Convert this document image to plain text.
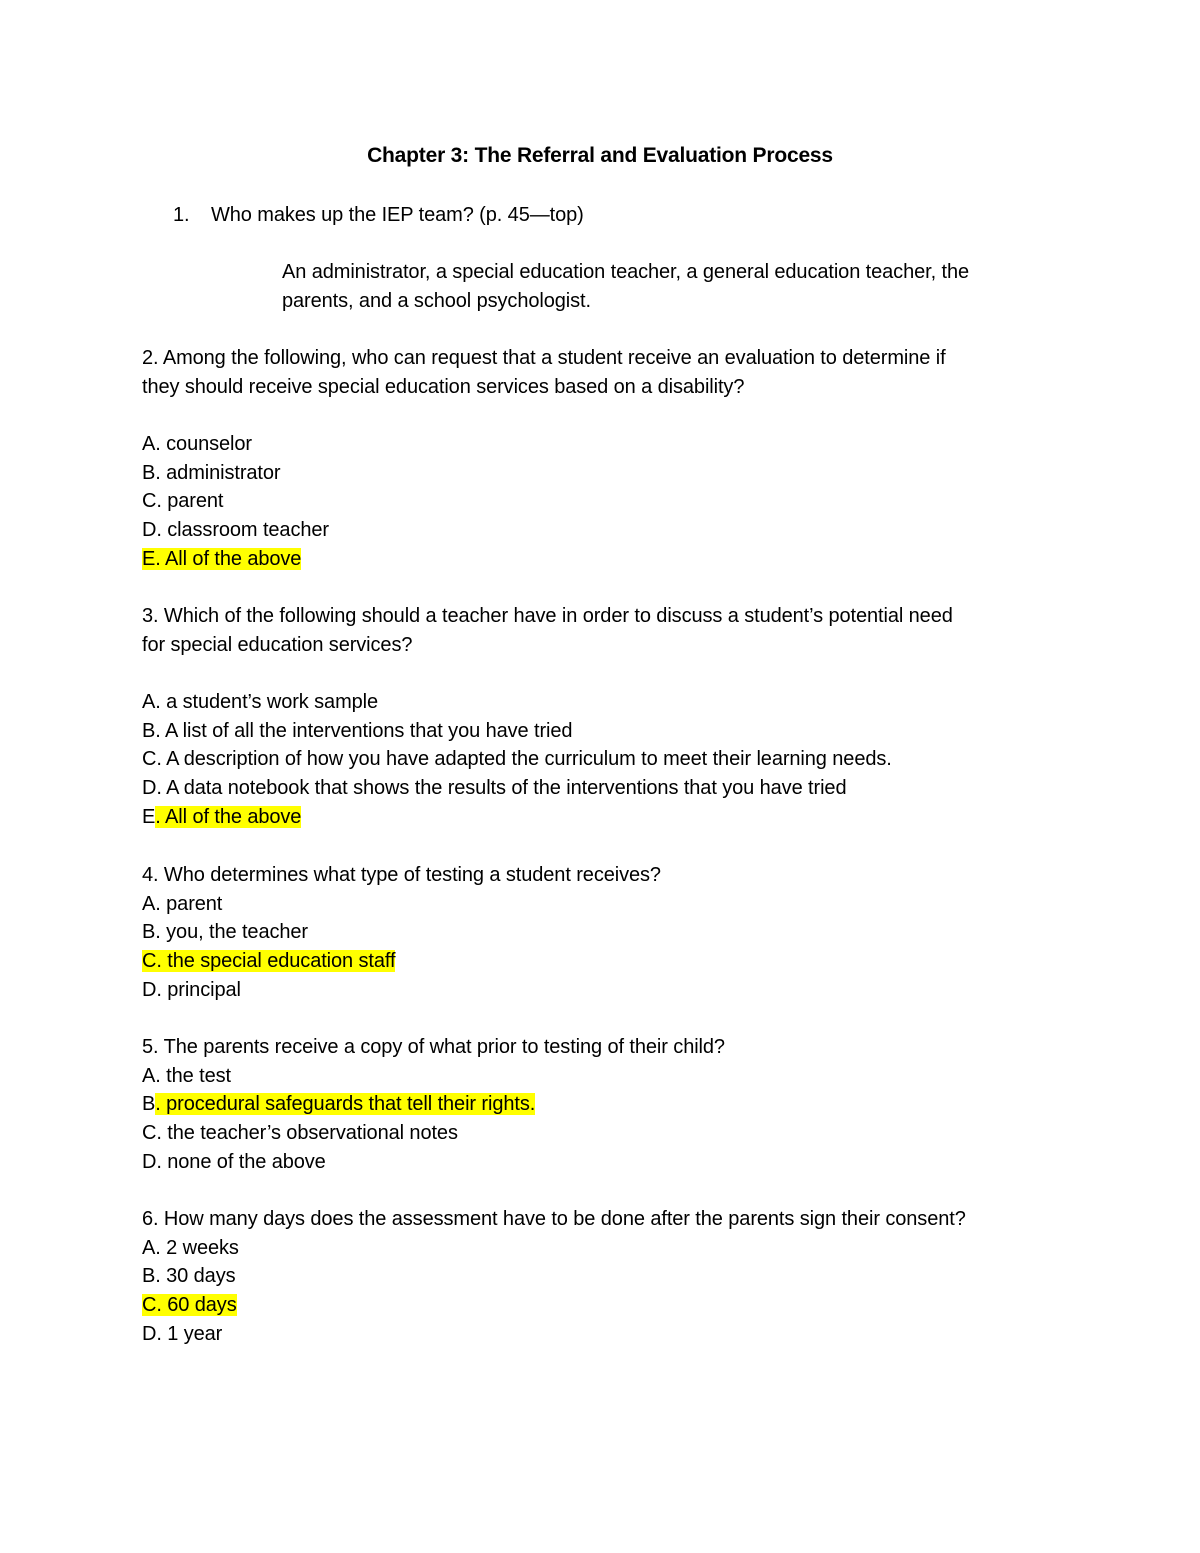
Chapter 3: The Referral and Evaluation Process
1. Who makes up the IEP team? (p. 45—top)
An administrator, a special education teacher, a general education teacher, the
parents, and a school psychologist.
2. Among the following, who can request that a student receive an evaluation to determine if
they should receive special education services based on a disability?
A. counselor
B. administrator
C. parent
D. classroom teacher
E. All of the above
3. Which of the following should a teacher have in order to discuss a student’s potential need
for special education services?
A. a student’s work sample
B. A list of all the interventions that you have tried
C. A description of how you have adapted the curriculum to meet their learning needs.
D. A data notebook that shows the results of the interventions that you have tried
E. All of the above
4. Who determines what type of testing a student receives?
A. parent
B. you, the teacher
C. the special education staff
D. principal
5. The parents receive a copy of what prior to testing of their child?
A. the test
B. procedural safeguards that tell their rights.
C. the teacher’s observational notes
D. none of the above
6. How many days does the assessment have to be done after the parents sign their consent?
A. 2 weeks
B. 30 days
C. 60 days
D. 1 year
